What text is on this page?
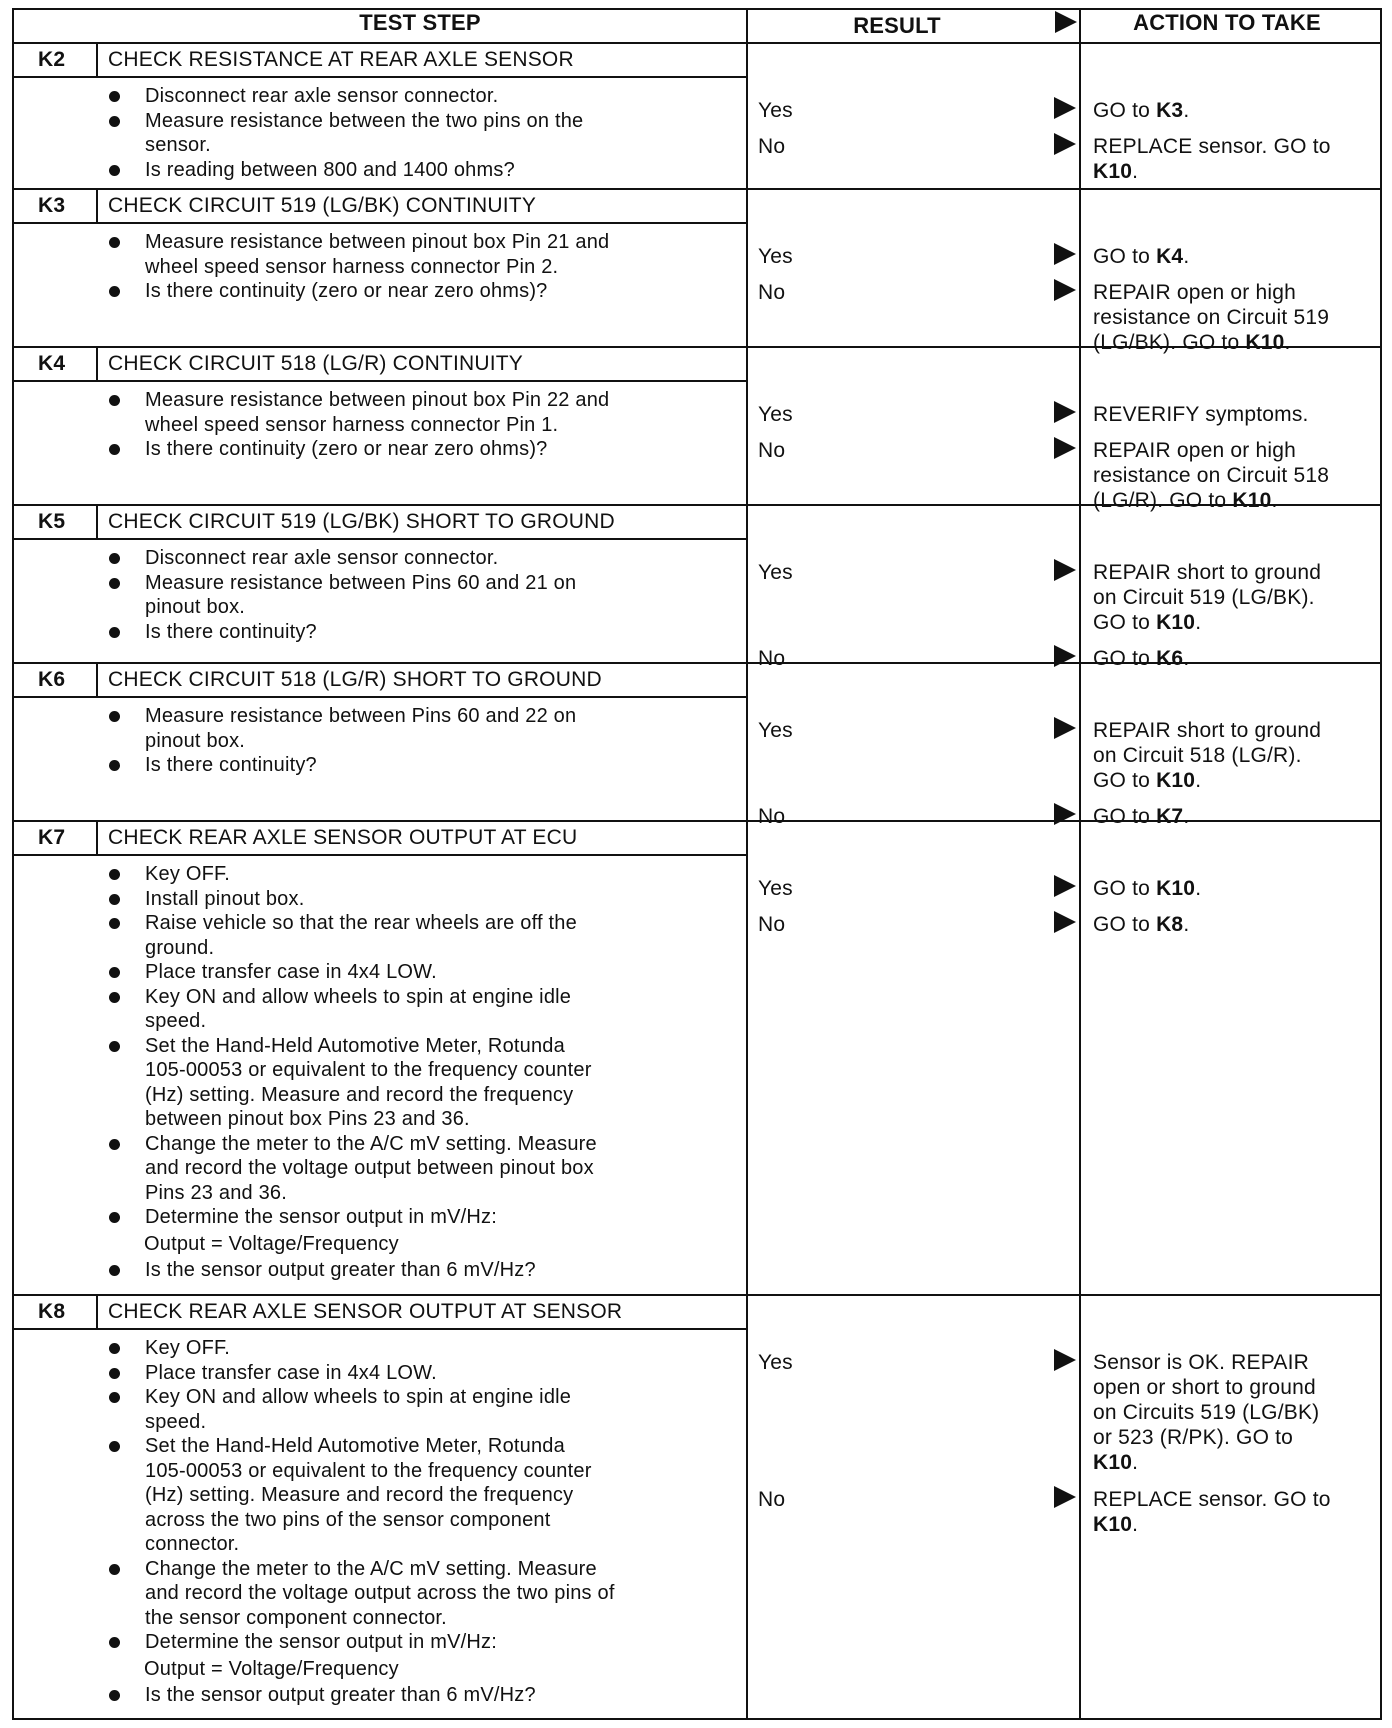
TEST STEP	RESULT	ACTION TO TAKE
K2 CHECK RESISTANCE AT REAR AXLE SENSOR
Disconnect rear axle sensor connector.
Measure resistance between the two pins on the
sensor.
Is reading between 800 and 1400 ohms?
Yes	GO to K3.
No	REPLACE sensor. GO to
K10.
K3 CHECK CIRCUIT 519 (LG/BK) CONTINUITY
Measure resistance between pinout box Pin 21 and
wheel speed sensor harness connector Pin 2.
Is there continuity (zero or near zero ohms)?
Yes	GO to K4.
No	REPAIR open or high
resistance on Circuit 519
(LG/BK). GO to K10.
K4 CHECK CIRCUIT 518 (LG/R) CONTINUITY
Measure resistance between pinout box Pin 22 and
wheel speed sensor harness connector Pin 1.
Is there continuity (zero or near zero ohms)?
Yes	REVERIFY symptoms.
No	REPAIR open or high
resistance on Circuit 518
(LG/R). GO to K10.
K5 CHECK CIRCUIT 519 (LG/BK) SHORT TO GROUND
Disconnect rear axle sensor connector.
Measure resistance between Pins 60 and 21 on
pinout box.
Is there continuity?
Yes	REPAIR short to ground
on Circuit 519 (LG/BK).
GO to K10.
No	GO to K6.
K6 CHECK CIRCUIT 518 (LG/R) SHORT TO GROUND
Measure resistance between Pins 60 and 22 on
pinout box.
Is there continuity?
Yes	REPAIR short to ground
on Circuit 518 (LG/R).
GO to K10.
No	GO to K7.
K7 CHECK REAR AXLE SENSOR OUTPUT AT ECU
Key OFF.
Install pinout box.
Raise vehicle so that the rear wheels are off the
ground.
Place transfer case in 4x4 LOW.
Key ON and allow wheels to spin at engine idle
speed.
Set the Hand-Held Automotive Meter, Rotunda
105-00053 or equivalent to the frequency counter
(Hz) setting. Measure and record the frequency
between pinout box Pins 23 and 36.
Change the meter to the A/C mV setting. Measure
and record the voltage output between pinout box
Pins 23 and 36.
Determine the sensor output in mV/Hz:
Output = Voltage/Frequency
Is the sensor output greater than 6 mV/Hz?
Yes	GO to K10.
No	GO to K8.
K8 CHECK REAR AXLE SENSOR OUTPUT AT SENSOR
Key OFF.
Place transfer case in 4x4 LOW.
Key ON and allow wheels to spin at engine idle
speed.
Set the Hand-Held Automotive Meter, Rotunda
105-00053 or equivalent to the frequency counter
(Hz) setting. Measure and record the frequency
across the two pins of the sensor component
connector.
Change the meter to the A/C mV setting. Measure
and record the voltage output across the two pins of
the sensor component connector.
Determine the sensor output in mV/Hz:
Output = Voltage/Frequency
Is the sensor output greater than 6 mV/Hz?
Yes	Sensor is OK. REPAIR
open or short to ground
on Circuits 519 (LG/BK)
or 523 (R/PK). GO to
K10.
No	REPLACE sensor. GO to
K10.
